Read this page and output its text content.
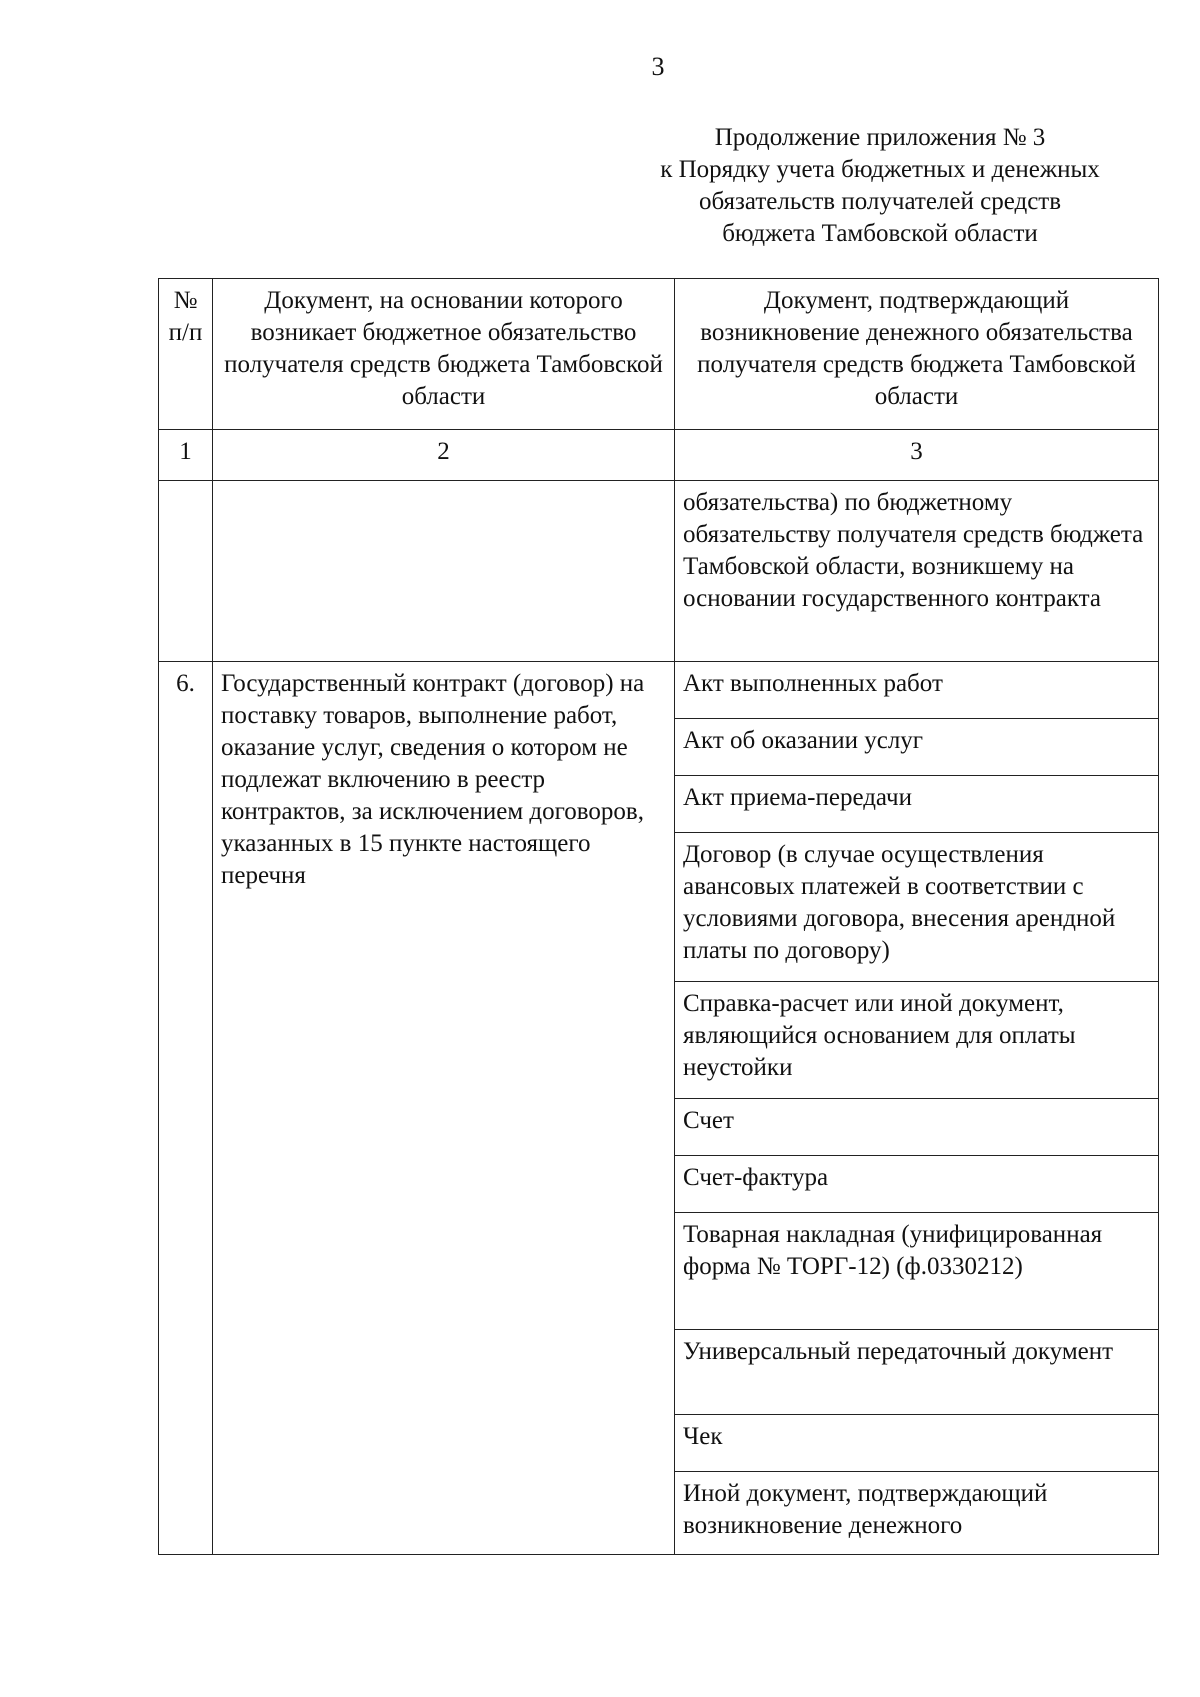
3
Продолжение приложения № 3
к Порядку учета бюджетных и денежных
обязательств получателей средств
бюджета Тамбовской области
№ п/п	Документ, на основании которого возникает бюджетное обязательство получателя средств бюджета Тамбовской области	Документ, подтверждающий возникновение денежного обязательства получателя средств бюджета Тамбовской области
1	2	3
		обязательства) по бюджетному обязательству получателя средств бюджета Тамбовской области, возникшему на основании государственного контракта
6.	Государственный контракт (договор) на поставку товаров, выполнение работ, оказание услуг, сведения о котором не подлежат включению в реестр контрактов, за исключением договоров, указанных в 15 пункте настоящего перечня	Акт выполненных работ
		Акт об оказании услуг
		Акт приема-передачи
		Договор (в случае осуществления авансовых платежей в соответствии с условиями договора, внесения арендной платы по договору)
		Справка-расчет или иной документ, являющийся основанием для оплаты неустойки
		Счет
		Счет-фактура
		Товарная накладная (унифицированная форма № ТОРГ-12) (ф.0330212)
		Универсальный передаточный документ
		Чек
		Иной документ, подтверждающий возникновение денежного
